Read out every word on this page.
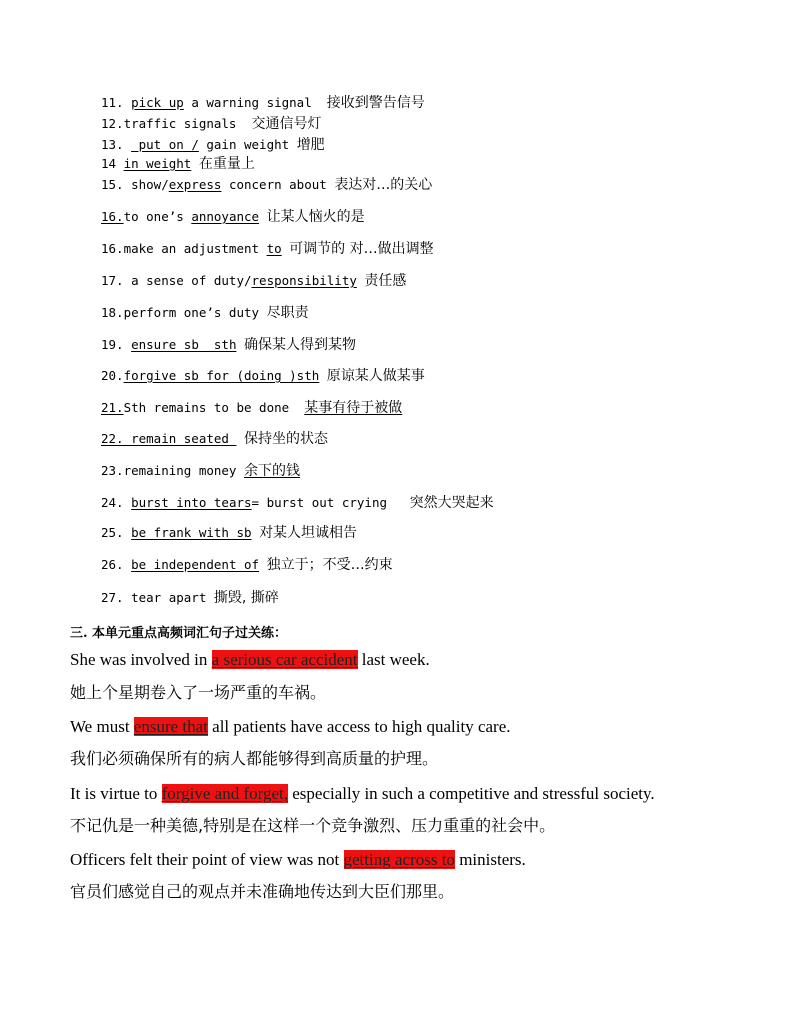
11. pick up a warning signal  接收到警告信号
12.traffic signals  交通信号灯
13.  put on / gain weight 增肥
14 in weight 在重量上
15. show/express concern about 表达对…的关心
16.to one’s annoyance 让某人恼火的是
16.make an adjustment to 可调节的 对…做出调整
17. a sense of duty/responsibility 责任感
18.perform one’s duty 尽职责
19. ensure sb  sth 确保某人得到某物
20.forgive sb for (doing )sth 原谅某人做某事
21.Sth remains to be done  某事有待于被做
22. remain seated  保持坐的状态
23.remaining money 余下的钱
24. burst into tears= burst out crying   突然大哭起来
25. be frank with sb 对某人坦诚相告
26. be independent of 独立于；不受…约束
27. tear apart 撕毁, 撕碎
三. 本单元重点高频词汇句子过关练：
She was involved in a serious car accident last week.
她上个星期卷入了一场严重的车祸。
We must ensure that all patients have access to high quality care.
我们必须确保所有的病人都能够得到高质量的护理。
It is virtue to forgive and forget, especially in such a competitive and stressful society.
不记仇是一种美德,特别是在这样一个竞争激烈、压力重重的社会中。
Officers felt their point of view was not getting across to ministers.
官员们感觉自己的观点并未准确地传达到大臣们那里。
